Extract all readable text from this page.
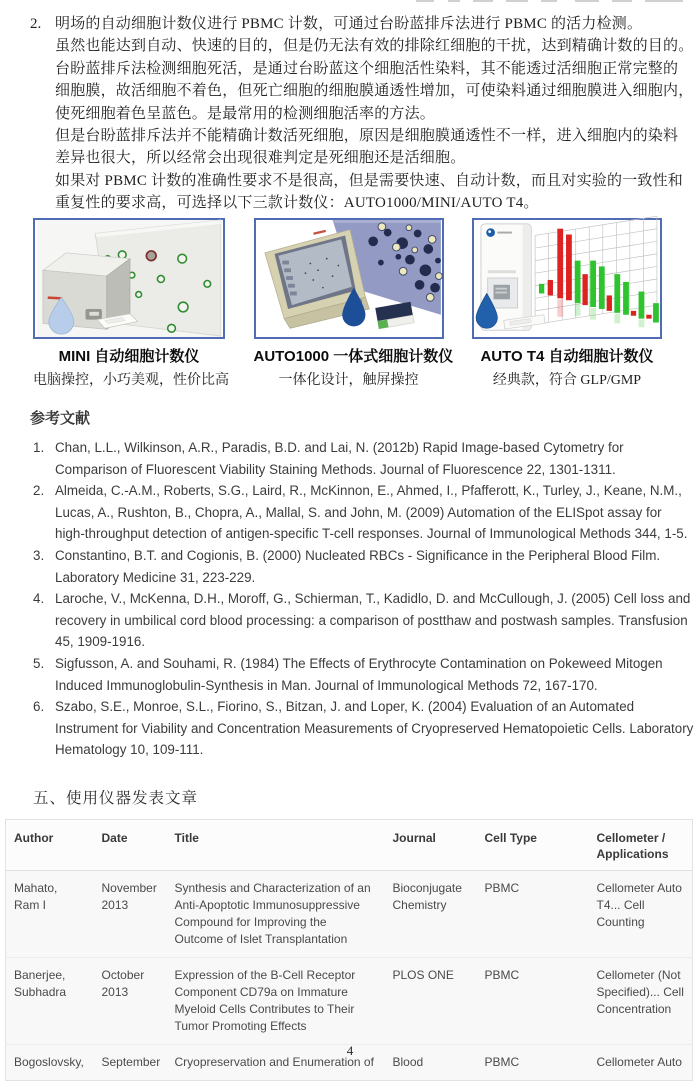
2. 明场的自动细胞计数仪进行 PBMC 计数，可通过台盼蓝排斥法进行 PBMC 的活力检测。
虽然也能达到自动、快速的目的，但是仍无法有效的排除红细胞的干扰，达到精确计数的目的。
台盼蓝排斥法检测细胞死活，是通过台盼蓝这个细胞活性染料，其不能透过活细胞正常完整的
细胞膜，故活细胞不着色，但死亡细胞的细胞膜通透性增加，可使染料通过细胞膜进入细胞内，
使死细胞着色呈蓝色。是最常用的检测细胞活率的方法。
但是台盼蓝排斥法并不能精确计数活死细胞，原因是细胞膜通透性不一样，进入细胞内的染料
差异也很大，所以经常会出现很难判定是死细胞还是活细胞。
如果对 PBMC 计数的准确性要求不是很高，但是需要快速、自动计数，而且对实验的一致性和
重复性的要求高，可选择以下三款计数仪：AUTO1000/MINI/AUTO T4。
MINI 自动细胞计数仪
电脑操控，小巧美观，性价比高
AUTO1000 一体式细胞计数仪
一体化设计，触屏操控
AUTO T4 自动细胞计数仪
经典款，符合 GLP/GMP
参考文献
1. Chan, L.L., Wilkinson, A.R., Paradis, B.D. and Lai, N. (2012b) Rapid Image-based Cytometry for Comparison of Fluorescent Viability Staining Methods. Journal of Fluorescence 22, 1301-1311.
2. Almeida, C.-A.M., Roberts, S.G., Laird, R., McKinnon, E., Ahmed, I., Pfafferott, K., Turley, J., Keane, N.M., Lucas, A., Rushton, B., Chopra, A., Mallal, S. and John, M. (2009) Automation of the ELISpot assay for high-throughput detection of antigen-specific T-cell responses. Journal of Immunological Methods 344, 1-5.
3. Constantino, B.T. and Cogionis, B. (2000) Nucleated RBCs - Significance in the Peripheral Blood Film. Laboratory Medicine 31, 223-229.
4. Laroche, V., McKenna, D.H., Moroff, G., Schierman, T., Kadidlo, D. and McCullough, J. (2005) Cell loss and recovery in umbilical cord blood processing: a comparison of postthaw and postwash samples. Transfusion 45, 1909-1916.
5. Sigfusson, A. and Souhami, R. (1984) The Effects of Erythrocyte Contamination on Pokeweed Mitogen Induced Immunoglobulin-Synthesis in Man. Journal of Immunological Methods 72, 167-170.
6. Szabo, S.E., Monroe, S.L., Fiorino, S., Bitzan, J. and Loper, K. (2004) Evaluation of an Automated Instrument for Viability and Concentration Measurements of Cryopreserved Hematopoietic Cells. Laboratory Hematology 10, 109-111.
五、使用仪器发表文章
Author	Date	Title	Journal	Cell Type	Cellometer / Applications
Mahato, Ram I	November 2013	Synthesis and Characterization of an Anti-Apoptotic Immunosuppressive Compound for Improving the Outcome of Islet Transplantation	Bioconjugate Chemistry	PBMC	Cellometer Auto T4... Cell Counting
Banerjee, Subhadra	October 2013	Expression of the B-Cell Receptor Component CD79a on Immature Myeloid Cells Contributes to Their Tumor Promoting Effects	PLOS ONE	PBMC	Cellometer (Not Specified)... Cell Concentration
Bogoslovsky,	September	Cryopreservation and Enumeration of	Blood	PBMC	Cellometer Auto
4
